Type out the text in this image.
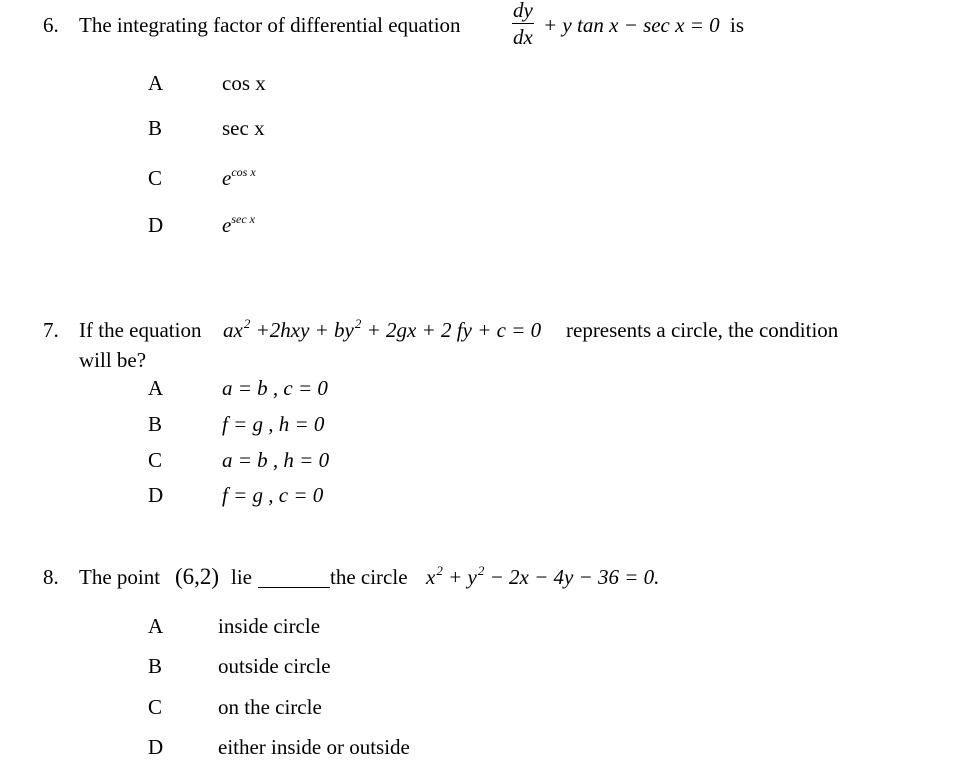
6. The integrating factor of differential equation $\frac{dy}{dx} + y$ tan x − sec x = 0 is
A	cos x
B	sec x
C	$e^{cos x}$
D	$e^{sec x}$
7. If the equation $ax^2 +2hxy + by^2 + 2gx + 2$ fy + c = 0 represents a circle, the condition
will be?
A	a = b , c = 0
B	f = g , h = 0
C	a = b , h = 0
D	f = g , c = 0
8. The point (6,2) lie	the circle $x^2 + y^2 - 2x - 4y - 36 = 0$.
A	inside circle
B	outside circle
C	on the circle
D	either inside or outside
